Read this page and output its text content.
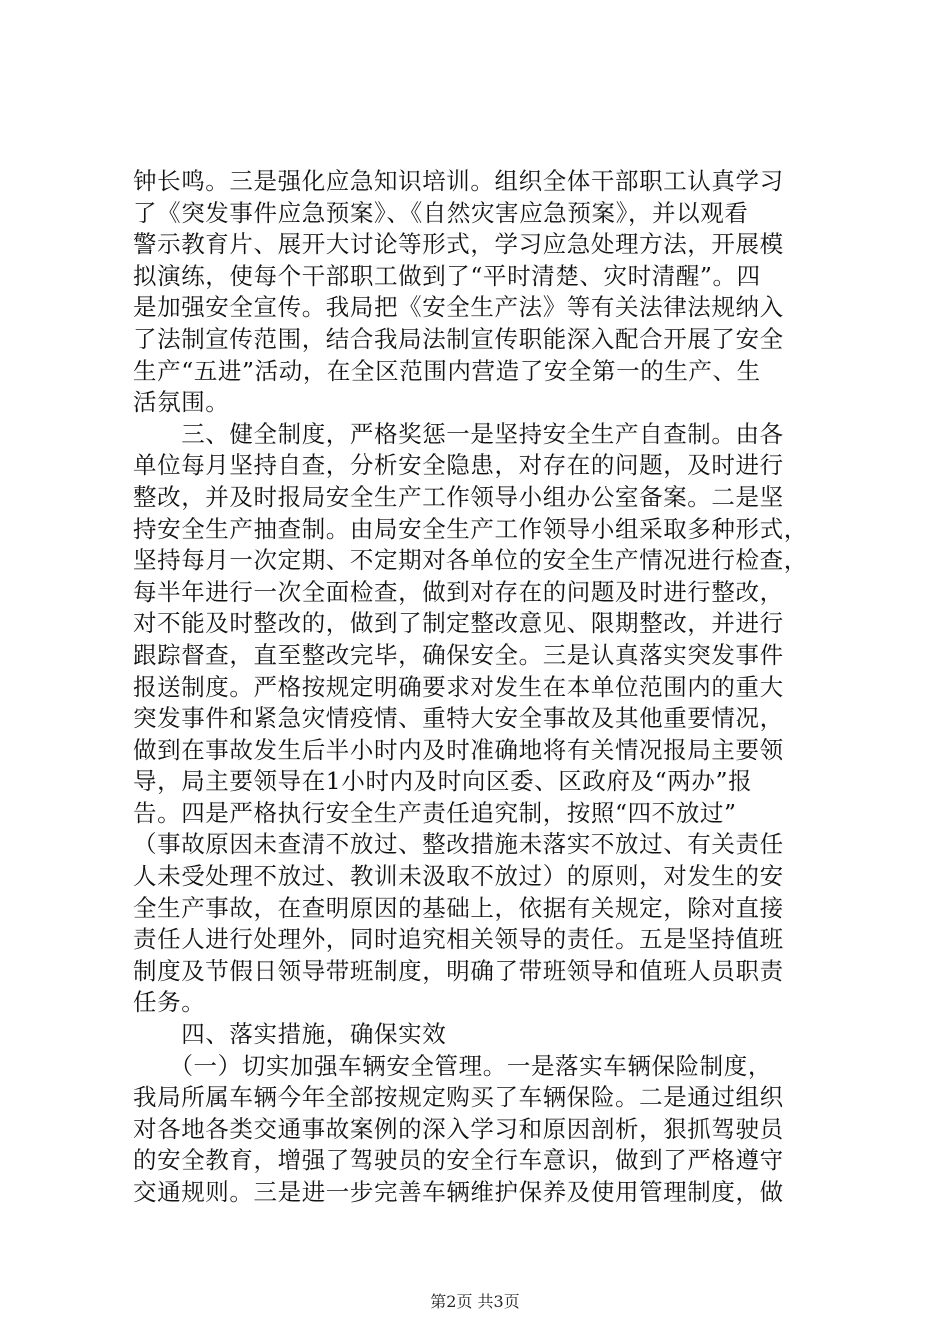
钟长鸣。三是强化应急知识培训。组织全体干部职工认真学习

了《突发事件应急预案》、《自然灾害应急预案》，并以观看

警示教育片、展开大讨论等形式，学习应急处理方法，开展模

拟演练，使每个干部职工做到了“平时清楚、灾时清醒”。四

是加强安全宣传。我局把《安全生产法》等有关法律法规纳入

了法制宣传范围，结合我局法制宣传职能深入配合开展了安全

生产“五进”活动，在全区范围内营造了安全第一的生产、生

活氛围。

　　三、健全制度，严格奖惩一是坚持安全生产自查制。由各

单位每月坚持自查，分析安全隐患，对存在的问题，及时进行

整改，并及时报局安全生产工作领导小组办公室备案。二是坚

持安全生产抽查制。由局安全生产工作领导小组采取多种形式，

坚持每月一次定期、不定期对各单位的安全生产情况进行检查，

每半年进行一次全面检查，做到对存在的问题及时进行整改，

对不能及时整改的，做到了制定整改意见、限期整改，并进行

跟踪督查，直至整改完毕，确保安全。三是认真落实突发事件

报送制度。严格按规定明确要求对发生在本单位范围内的重大

突发事件和紧急灾情疫情、重特大安全事故及其他重要情况，

做到在事故发生后半小时内及时准确地将有关情况报局主要领

导，局主要领导在1小时内及时向区委、区政府及“两办”报

告。四是严格执行安全生产责任追究制，按照“四不放过”

（事故原因未查清不放过、整改措施未落实不放过、有关责任

人未受处理不放过、教训未汲取不放过）的原则，对发生的安

全生产事故，在查明原因的基础上，依据有关规定，除对直接

责任人进行处理外，同时追究相关领导的责任。五是坚持值班

制度及节假日领导带班制度，明确了带班领导和值班人员职责

任务。

　　四、落实措施，确保实效

　　（一）切实加强车辆安全管理。一是落实车辆保险制度，

我局所属车辆今年全部按规定购买了车辆保险。二是通过组织

对各地各类交通事故案例的深入学习和原因剖析，狠抓驾驶员

的安全教育，增强了驾驶员的安全行车意识，做到了严格遵守

交通规则。三是进一步完善车辆维护保养及使用管理制度，做

第2页 共3页
